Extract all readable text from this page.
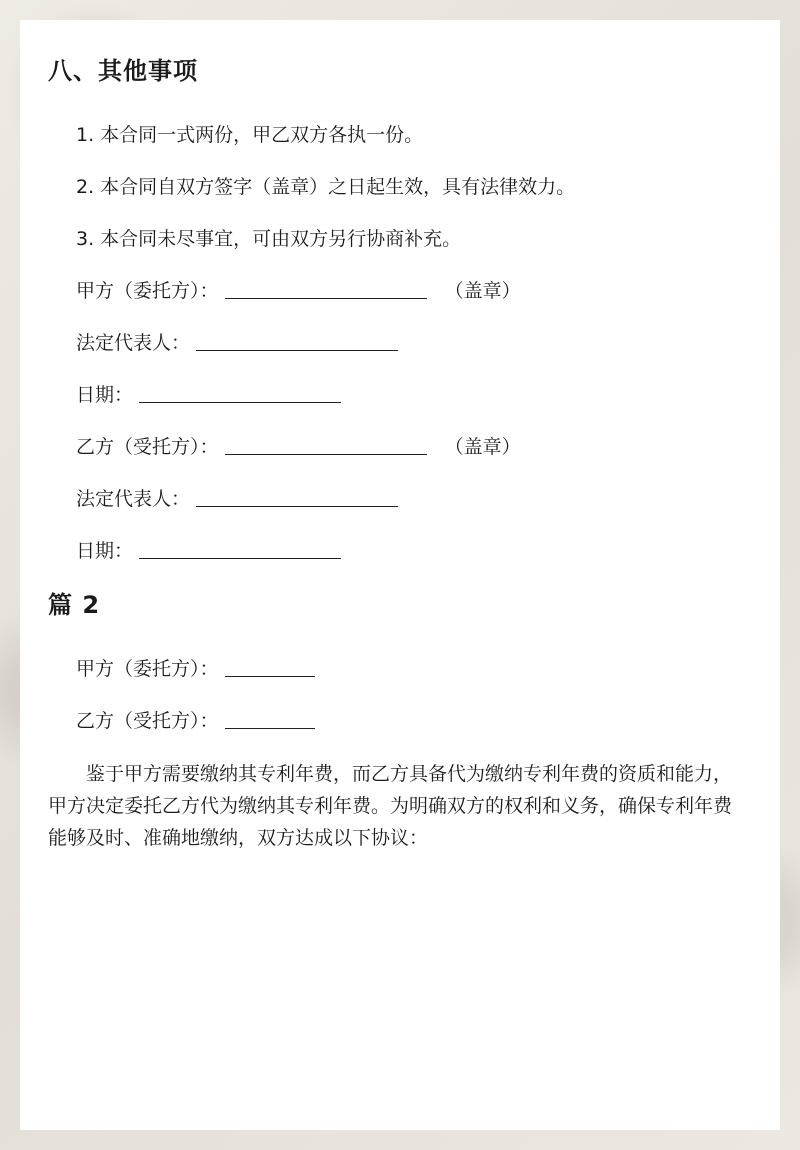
八、其他事项
1. 本合同一式两份，甲乙双方各执一份。
2. 本合同自双方签字（盖章）之日起生效，具有法律效力。
3. 本合同未尽事宜，可由双方另行协商补充。
甲方（委托方）：	（盖章）
法定代表人：
日期：
乙方（受托方）：	（盖章）
法定代表人：
日期：
篇 2
甲方（委托方）：
乙方（受托方）：

鉴于甲方需要缴纳其专利年费，而乙方具备代为缴纳专利年费的资质和能力，甲方决定委托乙方代为缴纳其专利年费。为明确双方的权利和义务，确保专利年费能够及时、准确地缴纳，双方达成以下协议：
